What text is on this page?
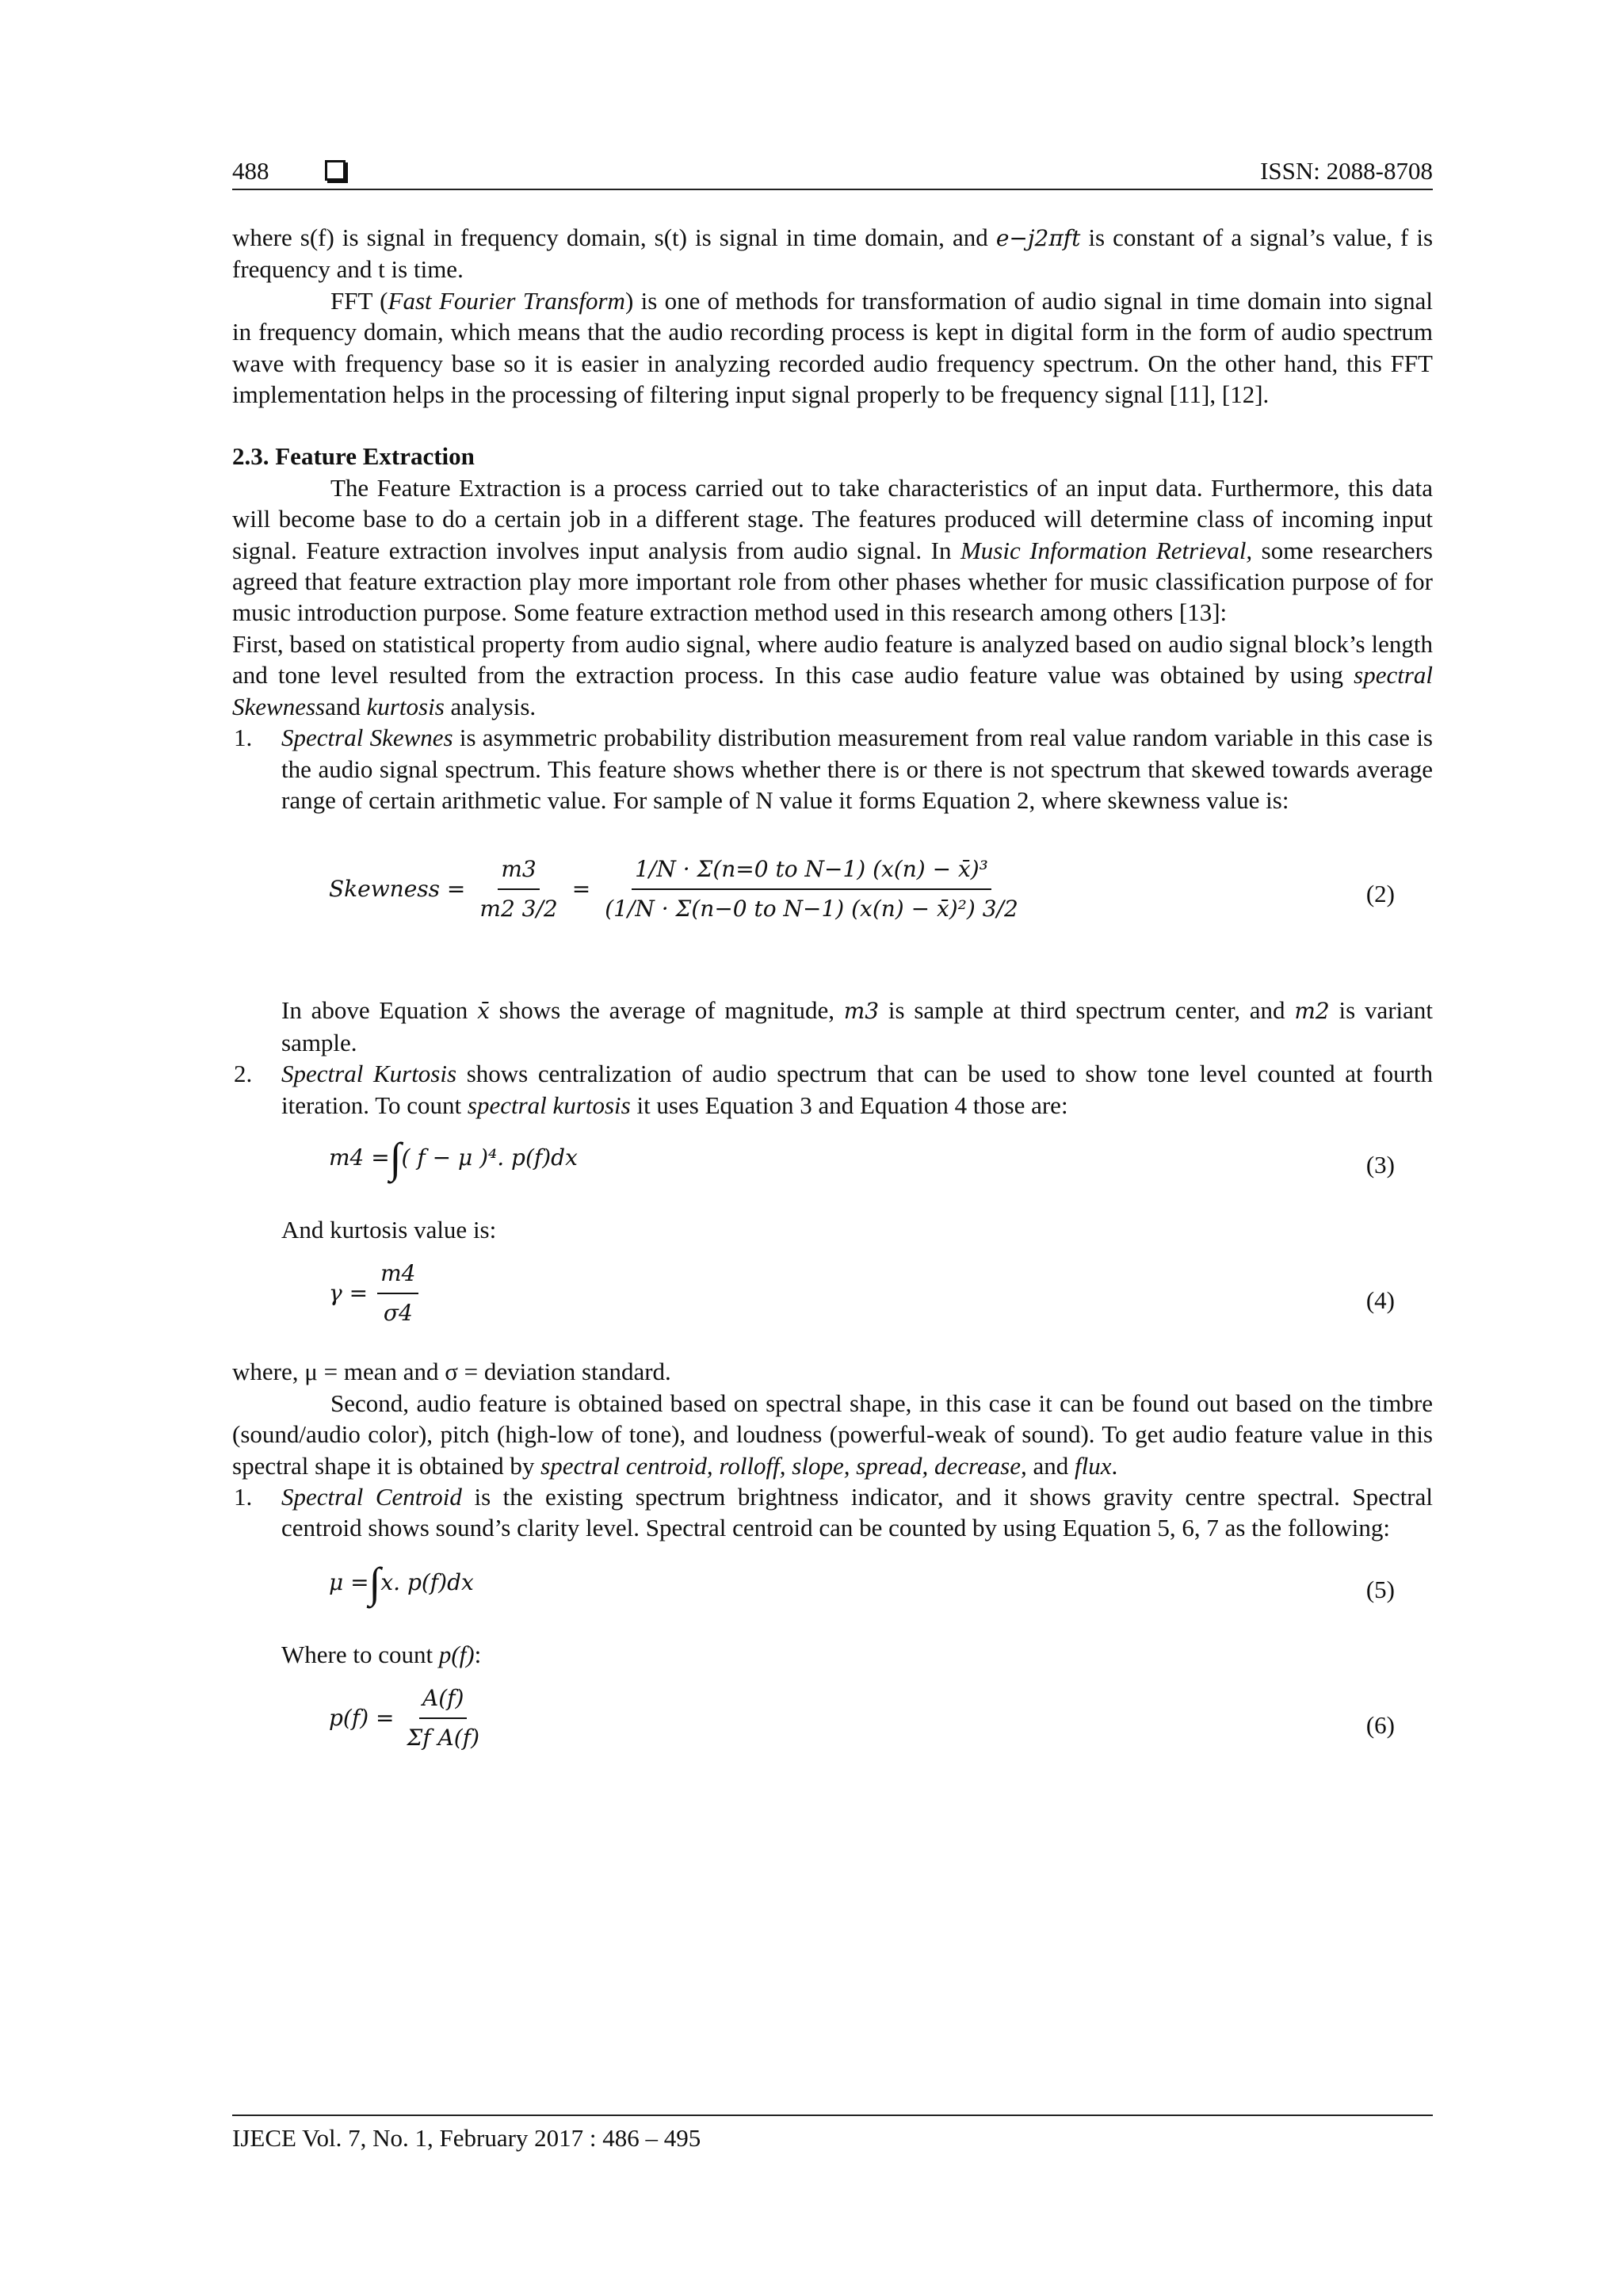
488	ISSN: 2088-8708

where s(f) is signal in frequency domain, s(t) is signal in time domain, and e−j2πft is constant of a signal’s value, f is frequency and t is time.

FFT (Fast Fourier Transform) is one of methods for transformation of audio signal in time domain into signal in frequency domain, which means that the audio recording process is kept in digital form in the form of audio spectrum wave with frequency base so it is easier in analyzing recorded audio frequency spectrum. On the other hand, this FFT implementation helps in the processing of filtering input signal properly to be frequency signal [11], [12].

2.3. Feature Extraction

The Feature Extraction is a process carried out to take characteristics of an input data. Furthermore, this data will become base to do a certain job in a different stage. The features produced will determine class of incoming input signal. Feature extraction involves input analysis from audio signal. In Music Information Retrieval, some researchers agreed that feature extraction play more important role from other phases whether for music classification purpose of for music introduction purpose. Some feature extraction method used in this research among others [13]:

First, based on statistical property from audio signal, where audio feature is analyzed based on audio signal block’s length and tone level resulted from the extraction process. In this case audio feature value was obtained by using spectral Skewnessand kurtosis analysis.

1. Spectral Skewnes is asymmetric probability distribution measurement from real value random variable in this case is the audio signal spectrum. This feature shows whether there is or there is not spectrum that skewed towards average range of certain arithmetic value. For sample of N value it forms Equation 2, where skewness value is:

Skewness = $\frac{m3}{m2 3/2} = \frac{\text{1/N · Σ(n=0 to N−1) (x(n) − x̄)³}}{\text{(1/N · Σ(n−0 to N−1) (x(n) − x̄)²) 3/2}}$	(2)

In above Equation x̄ shows the average of magnitude, m3 is sample at third spectrum center, and m2 is variant sample.

2. Spectral Kurtosis shows centralization of audio spectrum that can be used to show tone level counted at fourth iteration. To count spectral kurtosis it uses Equation 3 and Equation 4 those are:

m4 = ∫ ( f − μ )⁴. p(f)dx	(3)

And kurtosis value is:

$\gamma = \frac{m4}{\sigma 4}$	(4)

where, μ = mean and σ = deviation standard.

Second, audio feature is obtained based on spectral shape, in this case it can be found out based on the timbre (sound/audio color), pitch (high-low of tone), and loudness (powerful-weak of sound). To get audio feature value in this spectral shape it is obtained by spectral centroid, rolloff, slope, spread, decrease, and flux.

1. Spectral Centroid is the existing spectrum brightness indicator, and it shows gravity centre spectral. Spectral centroid shows sound’s clarity level. Spectral centroid can be counted by using Equation 5, 6, 7 as the following:

μ = ∫ x. p(f)dx	(5)

Where to count p(f):

$p(f) = \frac{A(f)}{\text{Σf A(f)}}$	(6)
IJECE Vol. 7, No. 1, February 2017 : 486 – 495
